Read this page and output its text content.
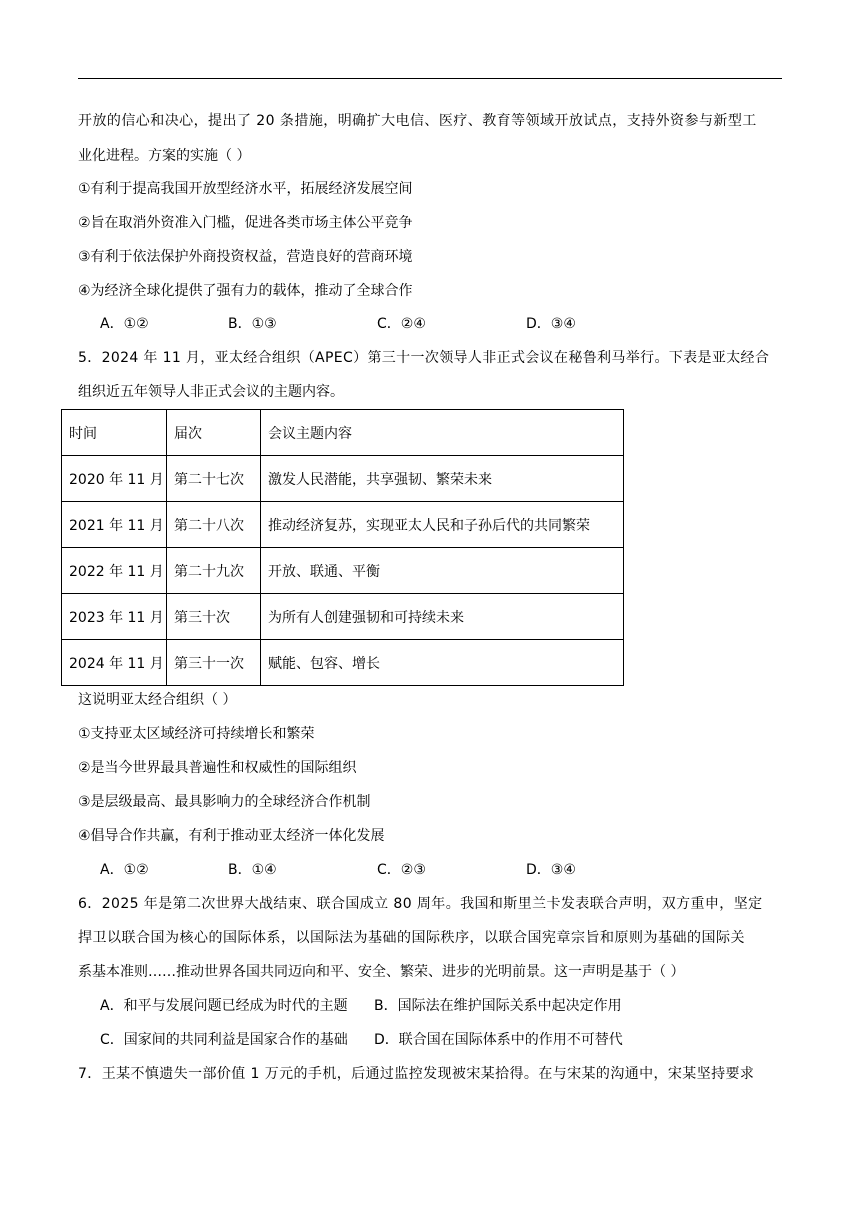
开放的信心和决心，提出了 20 条措施，明确扩大电信、医疗、教育等领域开放试点，支持外资参与新型工
业化进程。方案的实施（ ）
①有利于提高我国开放型经济水平，拓展经济发展空间
②旨在取消外资准入门槛，促进各类市场主体公平竞争
③有利于依法保护外商投资权益，营造良好的营商环境
④为经济全球化提供了强有力的载体，推动了全球合作
A．①②	B．①③	C．②④	D．③④
5．2024 年 11 月，亚太经合组织（APEC）第三十一次领导人非正式会议在秘鲁利马举行。下表是亚太经合
组织近五年领导人非正式会议的主题内容。
时间	届次	会议主题内容
2020 年 11 月	第二十七次	激发人民潜能，共享强韧、繁荣未来
2021 年 11 月	第二十八次	推动经济复苏，实现亚太人民和子孙后代的共同繁荣
2022 年 11 月	第二十九次	开放、联通、平衡
2023 年 11 月	第三十次	为所有人创建强韧和可持续未来
2024 年 11 月	第三十一次	赋能、包容、增长
这说明亚太经合组织（ ）
①支持亚太区域经济可持续增长和繁荣
②是当今世界最具普遍性和权威性的国际组织
③是层级最高、最具影响力的全球经济合作机制
④倡导合作共赢，有利于推动亚太经济一体化发展
A．①②	B．①④	C．②③	D．③④
6．2025 年是第二次世界大战结束、联合国成立 80 周年。我国和斯里兰卡发表联合声明，双方重申，坚定
捍卫以联合国为核心的国际体系，以国际法为基础的国际秩序，以联合国宪章宗旨和原则为基础的国际关
系基本准则……推动世界各国共同迈向和平、安全、繁荣、进步的光明前景。这一声明是基于（ ）
A．和平与发展问题已经成为时代的主题 B．国际法在维护国际关系中起决定作用
C．国家间的共同利益是国家合作的基础 D．联合国在国际体系中的作用不可替代
7．王某不慎遗失一部价值 1 万元的手机，后通过监控发现被宋某拾得。在与宋某的沟通中，宋某坚持要求
